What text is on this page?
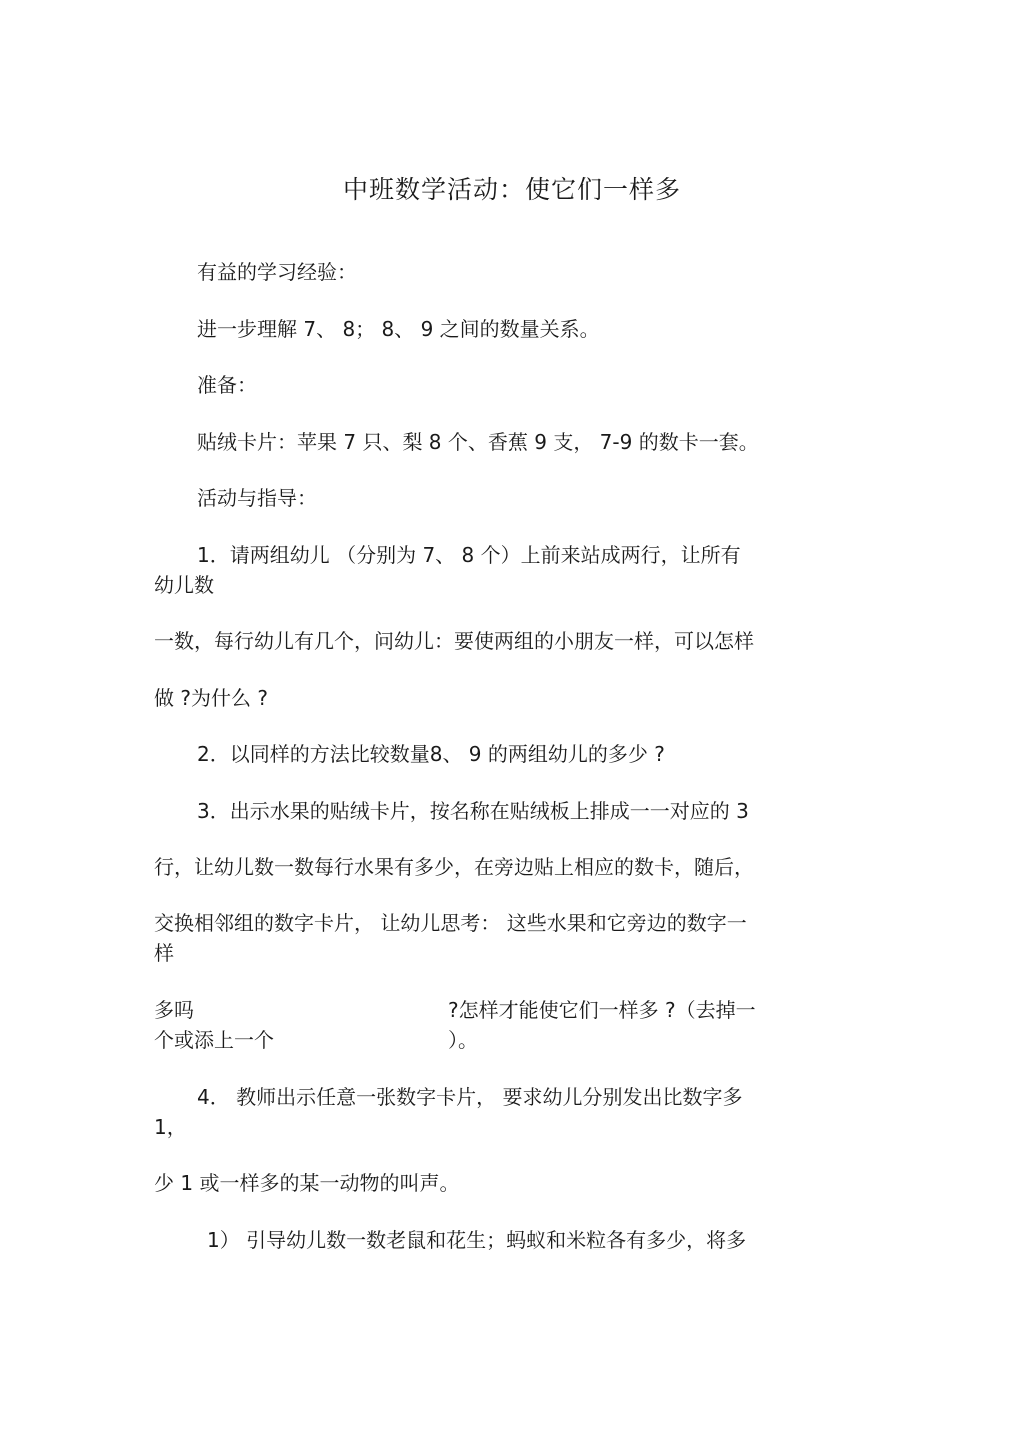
中班数学活动：使它们一样多
有益的学习经验：
进一步理解 7、 8； 8、 9 之间的数量关系。
准备：
贴绒卡片：苹果 7 只、梨 8 个、香蕉 9 支， 7-9 的数卡一套。
活动与指导：
1．请两组幼儿 （分别为 7、 8 个）上前来站成两行，让所有
幼儿数
一数，每行幼儿有几个，问幼儿：要使两组的小朋友一样，可以怎样
做 ?为什么 ?
2．以同样的方法比较数量8、 9 的两组幼儿的多少 ?
3．出示水果的贴绒卡片，按名称在贴绒板上排成一一对应的 3
行，让幼儿数一数每行水果有多少，在旁边贴上相应的数卡，随后，
交换相邻组的数字卡片， 让幼儿思考： 这些水果和它旁边的数字一
样
多吗	?怎样才能使它们一样多 ?（去掉一
个或添上一个	）。
4． 教师出示任意一张数字卡片， 要求幼儿分别发出比数字多
1，
少 1 或一样多的某一动物的叫声。
1） 引导幼儿数一数老鼠和花生；蚂蚁和米粒各有多少，将多
